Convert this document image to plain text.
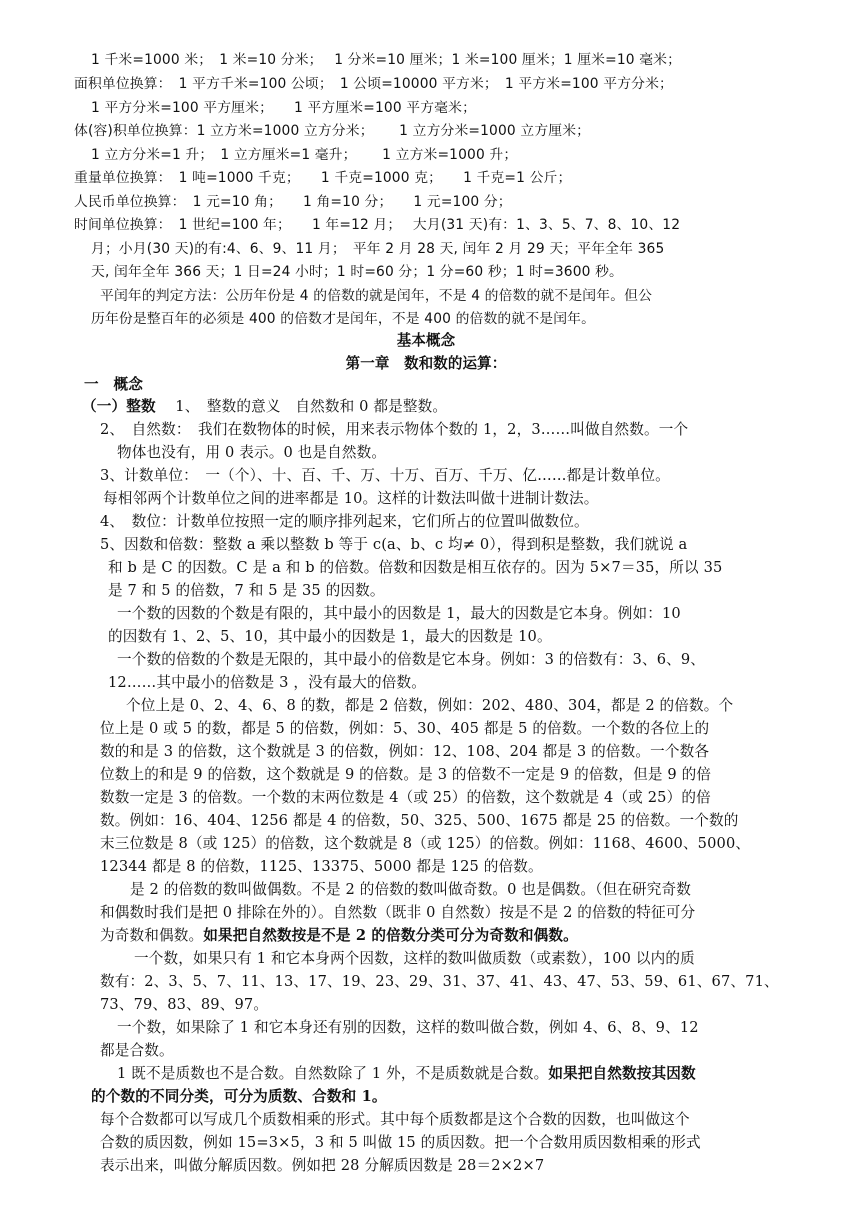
1 千米=1000 米；　1 米=10 分米；　 1 分米=10 厘米；1 米=100 厘米；1 厘米=10 毫米；
面积单位换算：　1 平方千米=100 公顷；　1 公顷=10000 平方米；　1 平方米=100 平方分米；
1 平方分米=100 平方厘米；　　1 平方厘米=100 平方毫米；
体(容)积单位换算：1 立方米=1000 立方分米；　　 1 立方分米=1000 立方厘米；
1 立方分米=1 升；　1 立方厘米=1 毫升；　　 1 立方米=1000 升；
重量单位换算：　1 吨=1000 千克；　　1 千克=1000 克；　　1 千克=1 公斤；
人民币单位换算：　1 元=10 角；　　1 角=10 分；　　1 元=100 分；
时间单位换算：　1 世纪=100 年；　　1 年=12 月；　 大月(31 天)有：1、3、5、7、8、10、12
月；小月(30 天)的有:4、6、9、11 月；　平年 2 月 28 天, 闰年 2 月 29 天；平年全年 365
天, 闰年全年 366 天；1 日=24 小时；1 时=60 分；1 分=60 秒；1 时=3600 秒。
平闰年的判定方法：公历年份是 4 的倍数的就是闰年，不是 4 的倍数的就不是闰年。但公
历年份是整百年的必须是 400 的倍数才是闰年，不是 400 的倍数的就不是闰年。
基本概念
第一章　数和数的运算：
一　概念
（一）整数　 1、　整数的意义　自然数和 0 都是整数。
2、　自然数：　我们在数物体的时候，用来表示物体个数的 1，2，3……叫做自然数。一个
物体也没有，用 0 表示。0 也是自然数。
3、计数单位：　一（个）、十、百、千、万、十万、百万、千万、亿……都是计数单位。
每相邻两个计数单位之间的进率都是 10。这样的计数法叫做十进制计数法。
4、　数位：计数单位按照一定的顺序排列起来，它们所占的位置叫做数位。
5、因数和倍数：整数 a 乘以整数 b 等于 c(a、b、c 均≠ 0），得到积是整数，我们就说 a
和 b 是 C 的因数。C 是 a 和 b 的倍数。倍数和因数是相互依存的。因为 5×7＝35，所以 35
是 7 和 5 的倍数，7 和 5 是 35 的因数。
一个数的因数的个数是有限的，其中最小的因数是 1，最大的因数是它本身。例如：10
的因数有 1、2、5、10，其中最小的因数是 1，最大的因数是 10。
一个数的倍数的个数是无限的，其中最小的倍数是它本身。例如：3 的倍数有：3、6、9、
12……其中最小的倍数是 3 ，没有最大的倍数。
个位上是 0、2、4、6、8 的数，都是 2 倍数，例如：202、480、304，都是 2 的倍数。个
位上是 0 或 5 的数，都是 5 的倍数，例如：5、30、405 都是 5 的倍数。一个数的各位上的
数的和是 3 的倍数，这个数就是 3 的倍数，例如：12、108、204 都是 3 的倍数。一个数各
位数上的和是 9 的倍数，这个数就是 9 的倍数。是 3 的倍数不一定是 9 的倍数，但是 9 的倍
数数一定是 3 的倍数。一个数的末两位数是 4（或 25）的倍数，这个数就是 4（或 25）的倍
数。例如：16、404、1256 都是 4 的倍数，50、325、500、1675 都是 25 的倍数。一个数的
末三位数是 8（或 125）的倍数，这个数就是 8（或 125）的倍数。例如：1168、4600、5000、
12344 都是 8 的倍数，1125、13375、5000 都是 125 的倍数。
是 2 的倍数的数叫做偶数。不是 2 的倍数的数叫做奇数。0 也是偶数。（但在研究奇数
和偶数时我们是把 0 排除在外的）。自然数（既非 0 自然数）按是不是 2 的倍数的特征可分
为奇数和偶数。如果把自然数按是不是 2 的倍数分类可分为奇数和偶数。
一个数，如果只有 1 和它本身两个因数，这样的数叫做质数（或素数），100 以内的质
数有：2、3、5、7、11、13、17、19、23、29、31、37、41、43、47、53、59、61、67、71、
73、79、83、89、97。
一个数，如果除了 1 和它本身还有别的因数，这样的数叫做合数，例如 4、6、8、9、12
都是合数。
1 既不是质数也不是合数。自然数除了 1 外，不是质数就是合数。如果把自然数按其因数
的个数的不同分类，可分为质数、合数和 1。
每个合数都可以写成几个质数相乘的形式。其中每个质数都是这个合数的因数，也叫做这个
合数的质因数，例如 15=3×5，3 和 5 叫做 15 的质因数。把一个合数用质因数相乘的形式
表示出来，叫做分解质因数。例如把 28 分解质因数是 28＝2×2×7
